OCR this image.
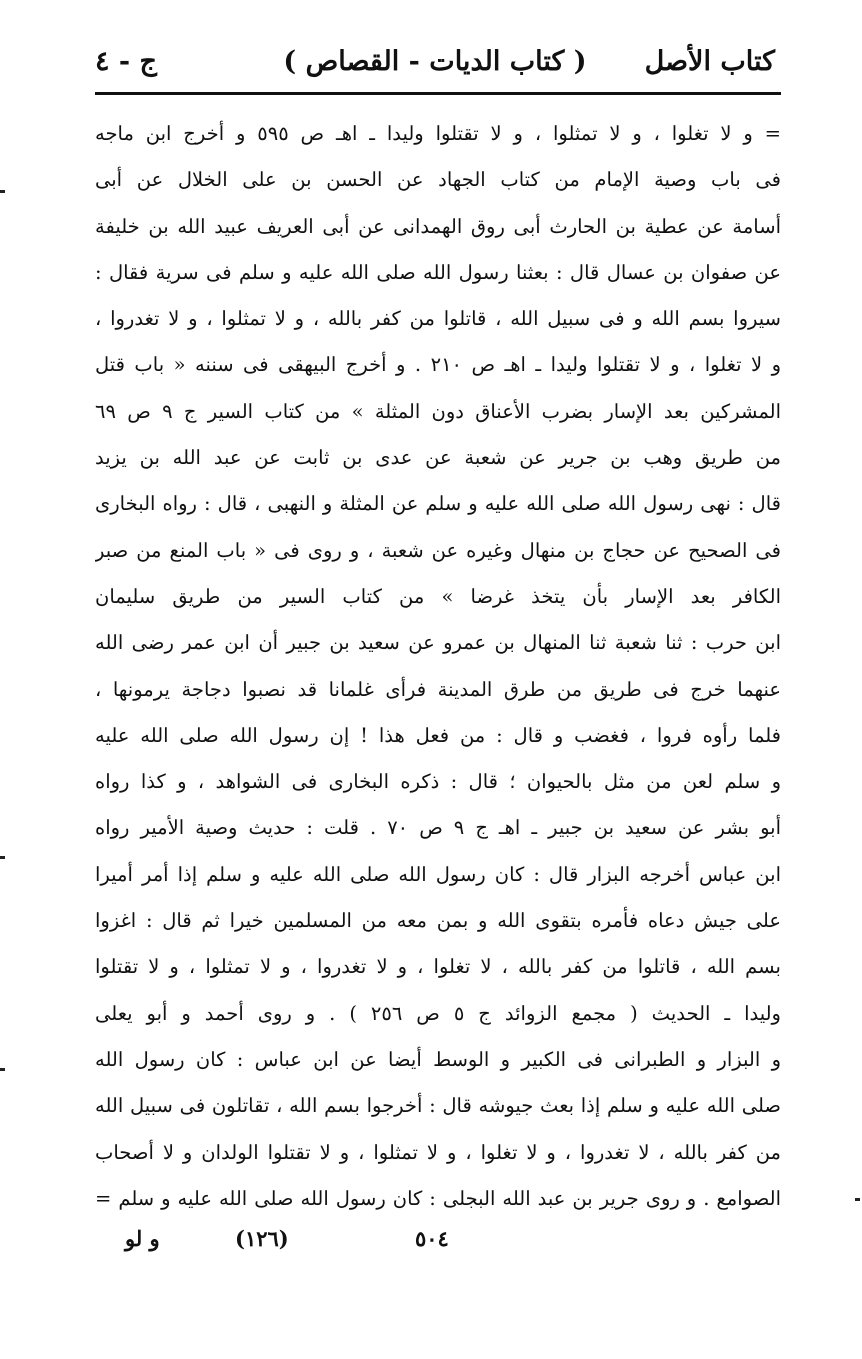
كتاب الأصل
( كتاب الديات - القصاص )
ج - ٤
= و لا تغلوا ، و لا تمثلوا ، و لا تقتلوا وليدا ـ اهـ ص ٥٩٥ و أخرج ابن ماجه
فى باب وصية الإمام من كتاب الجهاد عن الحسن بن على الخلال عن أبى
أسامة عن عطية بن الحارث أبى روق الهمدانى عن أبى العريف عبيد الله بن خليفة
عن صفوان بن عسال قال : بعثنا رسول الله صلى الله عليه و سلم فى سرية فقال :
سيروا بسم الله و فى سبيل الله ، قاتلوا من كفر بالله ، و لا تمثلوا ، و لا تغدروا ،
و لا تغلوا ، و لا تقتلوا وليدا ـ اهـ ص ٢١٠ . و أخرج البيهقى فى سننه « باب قتل
المشركين بعد الإسار بضرب الأعناق دون المثلة » من كتاب السير ج ٩ ص ٦٩
من طريق وهب بن جرير عن شعبة عن عدى بن ثابت عن عبد الله بن يزيد
قال : نهى رسول الله صلى الله عليه و سلم عن المثلة و النهبى ، قال : رواه البخارى
فى الصحيح عن حجاج بن منهال وغيره عن شعبة ، و روى فى « باب المنع من صبر
الكافر بعد الإسار بأن يتخذ غرضا » من كتاب السير من طريق سليمان
ابن حرب : ثنا شعبة ثنا المنهال بن عمرو عن سعيد بن جبير أن ابن عمر رضى الله
عنهما خرج فى طريق من طرق المدينة فرأى غلمانا قد نصبوا دجاجة يرمونها ،
فلما رأوه فروا ، فغضب و قال : من فعل هذا ! إن رسول الله صلى الله عليه
و سلم لعن من مثل بالحيوان ؛ قال : ذكره البخارى فى الشواهد ، و كذا رواه
أبو بشر عن سعيد بن جبير ـ اهـ ج ٩ ص ٧٠ . قلت : حديث وصية الأمير رواه
ابن عباس أخرجه البزار قال : كان رسول الله صلى الله عليه و سلم إذا أمر أميرا
على جيش دعاه فأمره بتقوى الله و بمن معه من المسلمين خيرا ثم قال : اغزوا
بسم الله ، قاتلوا من كفر بالله ، لا تغلوا ، و لا تغدروا ، و لا تمثلوا ، و لا تقتلوا
وليدا ـ الحديث ( مجمع الزوائد ج ٥ ص ٢٥٦ ) . و روى أحمد و أبو يعلى
و البزار و الطبرانى فى الكبير و الوسط أيضا عن ابن عباس : كان رسول الله
صلى الله عليه و سلم إذا بعث جيوشه قال : أخرجوا بسم الله ، تقاتلون فى سبيل الله
من كفر بالله ، لا تغدروا ، و لا تغلوا ، و لا تمثلوا ، و لا تقتلوا الولدان و لا أصحاب
الصوامع . و روى جرير بن عبد الله البجلى : كان رسول الله صلى الله عليه و سلم =
و لو	(١٢٦)	٥٠٤
